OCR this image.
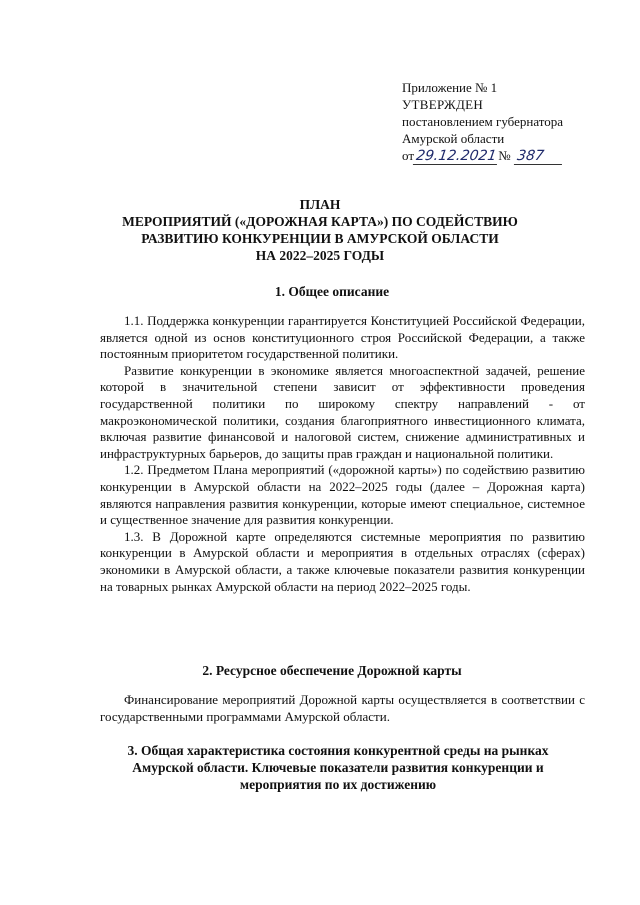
Приложение № 1
УТВЕРЖДЕН
постановлением губернатора
Амурской области
от29.12.2021№ 387
ПЛАН
МЕРОПРИЯТИЙ («ДОРОЖНАЯ КАРТА») ПО СОДЕЙСТВИЮ
РАЗВИТИЮ КОНКУРЕНЦИИ В АМУРСКОЙ ОБЛАСТИ
НА 2022–2025 ГОДЫ
1. Общее описание

1.1. Поддержка конкуренции гарантируется Конституцией Российской Федерации, является одной из основ конституционного строя Российской Федерации, а также постоянным приоритетом государственной политики.

Развитие конкуренции в экономике является многоаспектной задачей, решение которой в значительной степени зависит от эффективности проведения государственной политики по широкому спектру направлений - от макроэкономической политики, создания благоприятного инвестиционного климата, включая развитие финансовой и налоговой систем, снижение административных и инфраструктурных барьеров, до защиты прав граждан и национальной политики.

1.2. Предметом Плана мероприятий («дорожной карты») по содействию развитию конкуренции в Амурской области на 2022–2025 годы (далее – Дорожная карта) являются направления развития конкуренции, которые имеют специальное, системное и существенное значение для развития конкуренции.

1.3. В Дорожной карте определяются системные мероприятия по развитию конкуренции в Амурской области и мероприятия в отдельных отраслях (сферах) экономики в Амурской области, а также ключевые показатели развития конкуренции на товарных рынках Амурской области на период 2022–2025 годы.

2. Ресурсное обеспечение Дорожной карты

Финансирование мероприятий Дорожной карты осуществляется в соответствии с государственными программами Амурской области.

3. Общая характеристика состояния конкурентной среды на рынках
Амурской области. Ключевые показатели развития конкуренции и
мероприятия по их достижению
